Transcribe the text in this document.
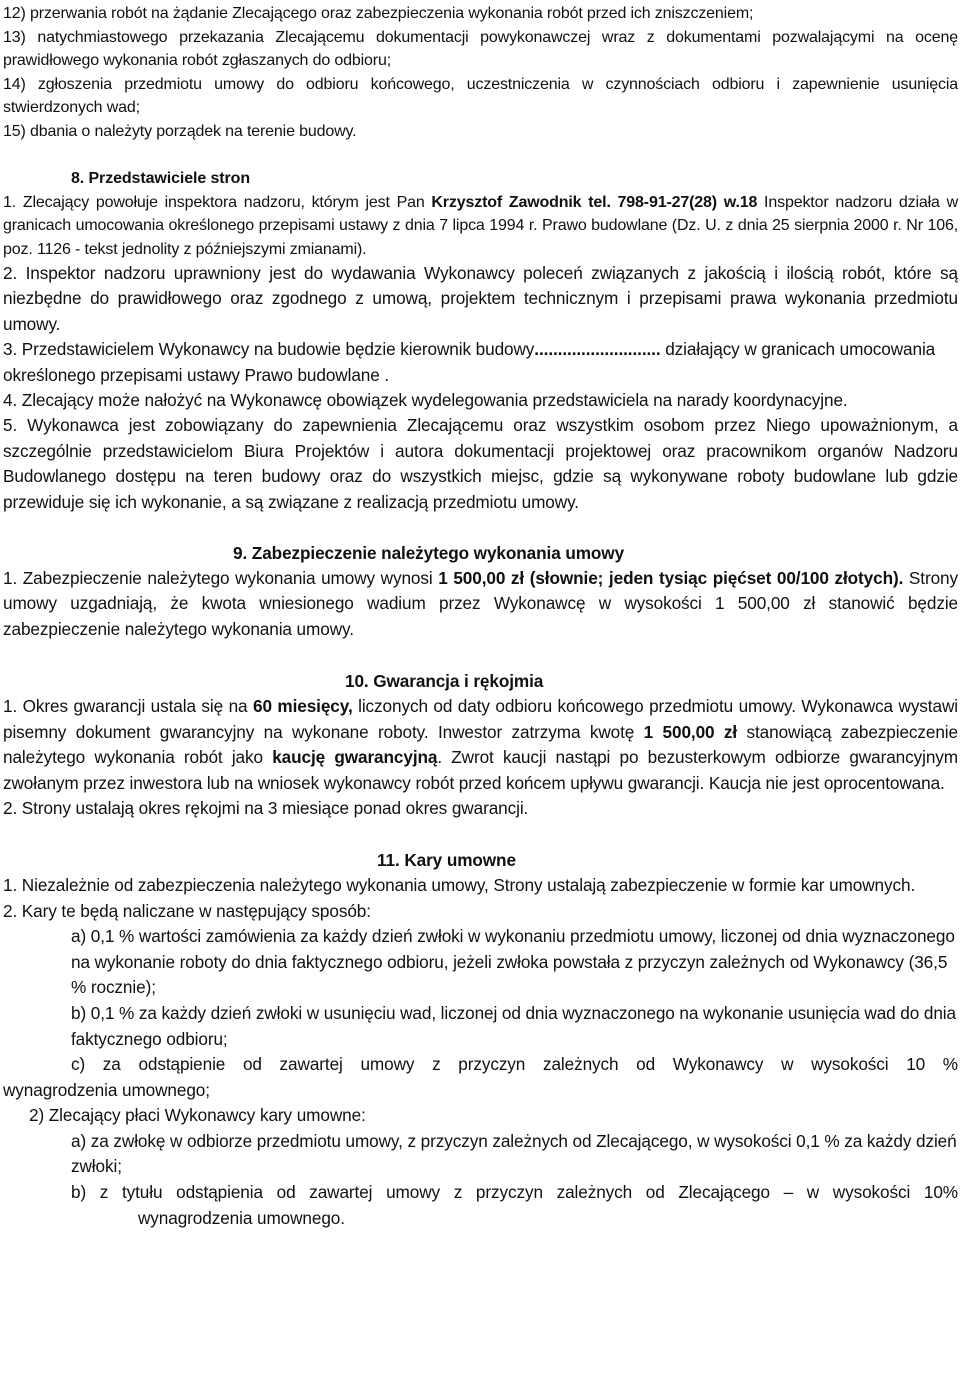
12) przerwania robót na żądanie Zlecającego oraz zabezpieczenia wykonania robót przed ich zniszczeniem;

13) natychmiastowego przekazania Zlecającemu dokumentacji powykonawczej wraz z dokumentami pozwalającymi na ocenę prawidłowego wykonania robót zgłaszanych do odbioru;

14) zgłoszenia przedmiotu umowy do odbioru końcowego, uczestniczenia w czynnościach odbioru i zapewnienie usunięcia stwierdzonych wad;

15) dbania o należyty porządek na terenie budowy.

8. Przedstawiciele stron

1. Zlecający powołuje inspektora nadzoru, którym jest Pan Krzysztof Zawodnik tel. 798-91-27(28) w.18 Inspektor nadzoru działa w granicach umocowania określonego przepisami ustawy z dnia 7 lipca 1994 r. Prawo budowlane (Dz. U. z dnia 25 sierpnia 2000 r. Nr 106, poz. 1126 - tekst jednolity z późniejszymi zmianami).

2. Inspektor nadzoru uprawniony jest do wydawania Wykonawcy poleceń związanych z jakością i ilością robót, które są niezbędne do prawidłowego oraz zgodnego z umową, projektem technicznym i przepisami prawa wykonania przedmiotu umowy.

3. Przedstawicielem Wykonawcy na budowie będzie kierownik budowy........................... działający w granicach umocowania określonego przepisami ustawy Prawo budowlane .

4. Zlecający może nałożyć na Wykonawcę obowiązek wydelegowania przedstawiciela na narady koordynacyjne.

5. Wykonawca jest zobowiązany do zapewnienia Zlecającemu oraz wszystkim osobom przez Niego upoważnionym, a szczególnie przedstawicielom Biura Projektów i autora dokumentacji projektowej oraz pracownikom organów Nadzoru Budowlanego dostępu na teren budowy oraz do wszystkich miejsc, gdzie są wykonywane roboty budowlane lub gdzie przewiduje się ich wykonanie, a są związane z realizacją przedmiotu umowy.

9. Zabezpieczenie należytego wykonania umowy

1. Zabezpieczenie należytego wykonania umowy wynosi 1 500,00 zł (słownie; jeden tysiąc pięćset 00/100 złotych). Strony umowy uzgadniają, że kwota wniesionego wadium przez Wykonawcę w wysokości 1 500,00 zł stanowić będzie zabezpieczenie należytego wykonania umowy.

10. Gwarancja i rękojmia

1. Okres gwarancji ustala się na 60 miesięcy, liczonych od daty odbioru końcowego przedmiotu umowy. Wykonawca wystawi pisemny dokument gwarancyjny na wykonane roboty. Inwestor zatrzyma kwotę 1 500,00 zł stanowiącą zabezpieczenie należytego wykonania robót jako kaucję gwarancyjną. Zwrot kaucji nastąpi po bezusterkowym odbiorze gwarancyjnym zwołanym przez inwestora lub na wniosek wykonawcy robót przed końcem upływu gwarancji. Kaucja nie jest oprocentowana.

2. Strony ustalają okres rękojmi na 3 miesiące ponad okres gwarancji.

11. Kary umowne

1. Niezależnie od zabezpieczenia należytego wykonania umowy, Strony ustalają zabezpieczenie w formie kar umownych.

2. Kary te będą naliczane w następujący sposób:

a) 0,1 % wartości zamówienia za każdy dzień zwłoki w wykonaniu przedmiotu umowy, liczonej od dnia wyznaczonego na wykonanie roboty do dnia faktycznego odbioru, jeżeli zwłoka powstała z przyczyn zależnych od Wykonawcy (36,5 % rocznie);

b) 0,1 % za każdy dzień zwłoki w usunięciu wad, liczonej od dnia wyznaczonego na wykonanie usunięcia wad do dnia faktycznego odbioru;

c) za odstąpienie od zawartej umowy z przyczyn zależnych od Wykonawcy w wysokości 10 %

wynagrodzenia umownego;

2) Zlecający płaci Wykonawcy kary umowne:

a) za zwłokę w odbiorze przedmiotu umowy, z przyczyn zależnych od Zlecającego, w wysokości 0,1 % za każdy dzień zwłoki;

b) z tytułu odstąpienia od zawartej umowy z przyczyn zależnych od Zlecającego – w wysokości 10%

wynagrodzenia umownego.
